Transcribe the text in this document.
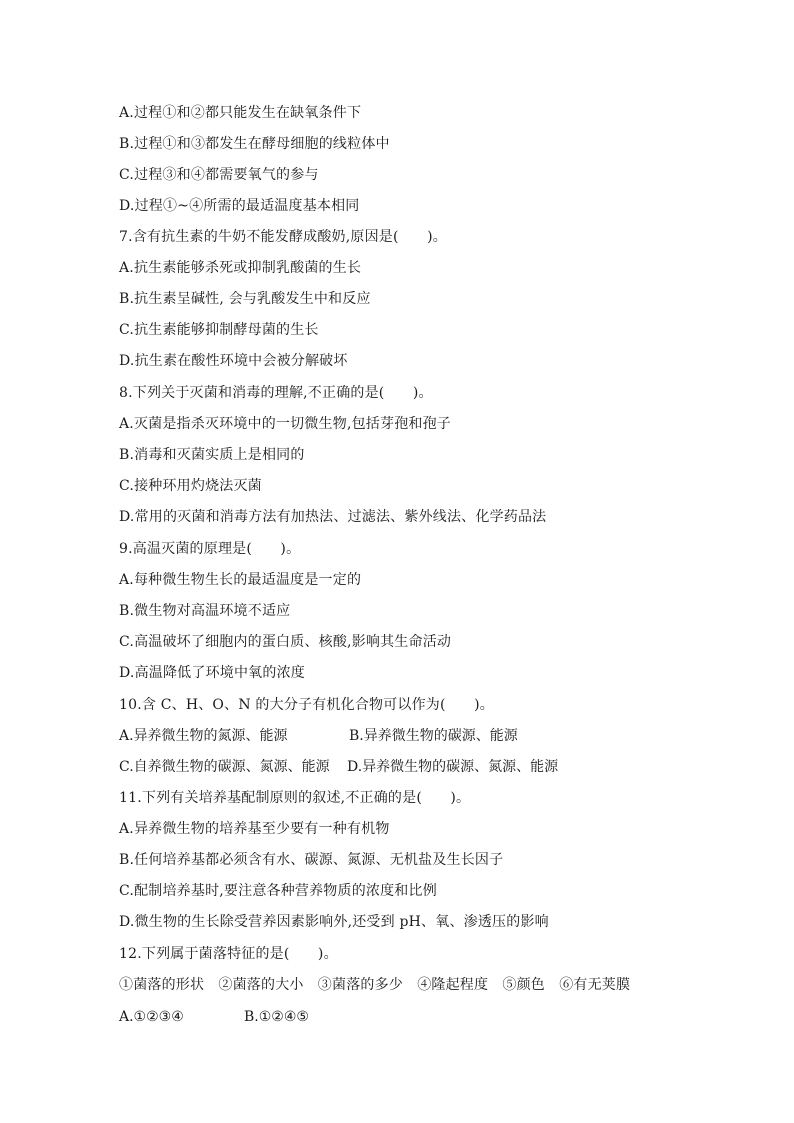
A.过程①和②都只能发生在缺氧条件下
B.过程①和③都发生在酵母细胞的线粒体中
C.过程③和④都需要氧气的参与
D.过程①~④所需的最适温度基本相同
7.含有抗生素的牛奶不能发酵成酸奶,原因是(　　)。
A.抗生素能够杀死或抑制乳酸菌的生长
B.抗生素呈碱性, 会与乳酸发生中和反应
C.抗生素能够抑制酵母菌的生长
D.抗生素在酸性环境中会被分解破坏
8.下列关于灭菌和消毒的理解,不正确的是(　　)。
A.灭菌是指杀灭环境中的一切微生物,包括芽孢和孢子
B.消毒和灭菌实质上是相同的
C.接种环用灼烧法灭菌
D.常用的灭菌和消毒方法有加热法、过滤法、紫外线法、化学药品法
9.高温灭菌的原理是(　　)。
A.每种微生物生长的最适温度是一定的
B.微生物对高温环境不适应
C.高温破坏了细胞内的蛋白质、核酸,影响其生命活动
D.高温降低了环境中氧的浓度
10.含 C、H、O、N 的大分子有机化合物可以作为(　　)。
A.异养微生物的氮源、能源	B.异养微生物的碳源、能源
C.自养微生物的碳源、氮源、能源 D.异养微生物的碳源、氮源、能源
11.下列有关培养基配制原则的叙述,不正确的是(　　)。
A.异养微生物的培养基至少要有一种有机物
B.任何培养基都必须含有水、碳源、氮源、无机盐及生长因子
C.配制培养基时,要注意各种营养物质的浓度和比例
D.微生物的生长除受营养因素影响外,还受到 pH、氧、渗透压的影响
12.下列属于菌落特征的是(　　)。
①菌落的形状　②菌落的大小　③菌落的多少　④隆起程度　⑤颜色　⑥有无荚膜
A.①②③④	B.①②④⑤
